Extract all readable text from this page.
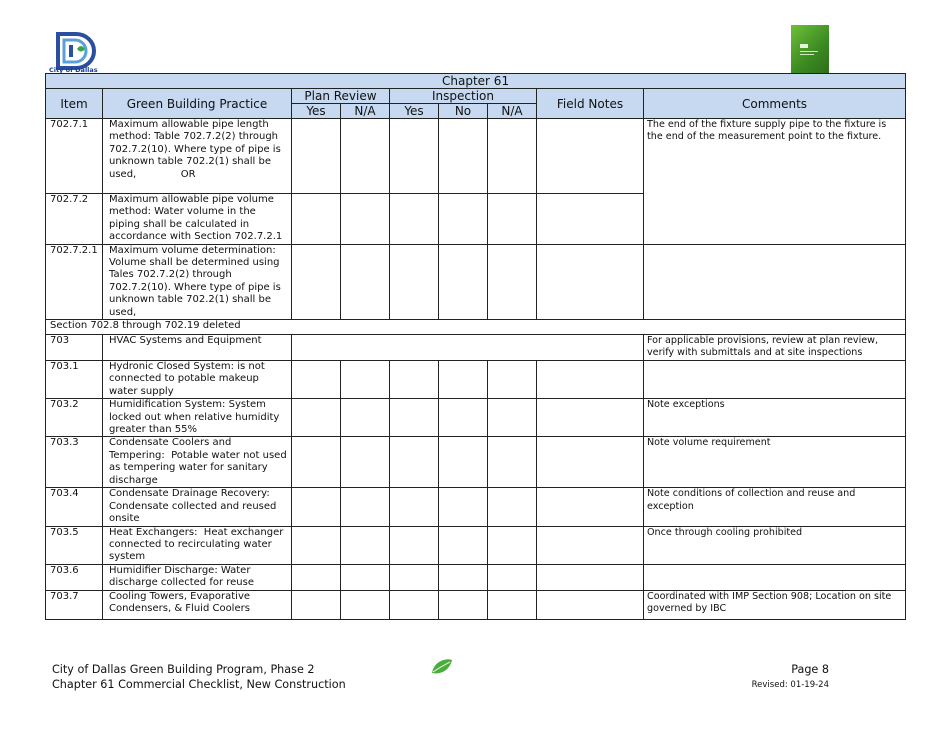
City of Dallas
Chapter 61								
Item	Green Building Practice	Plan Review		Inspection			Field Notes	Comments
		Yes	N/A	Yes	No	N/A		
702.7.1	Maximum allowable pipe length method: Table 702.7.2(2) through 702.7.2(10). Where type of pipe is unknown table 702.2(1) shall be used,              OR							The end of the fixture supply pipe to the fixture is the end of the measurement point to the fixture.
702.7.2	Maximum allowable pipe volume method: Water volume in the piping shall be calculated in accordance with Section 702.7.2.1							
702.7.2.1	Maximum volume determination: Volume shall be determined using Tales 702.7.2(2) through 702.7.2(10). Where type of pipe is unknown table 702.2(1) shall be used,							
Section 702.8 through 702.19 deleted								
703	HVAC Systems and Equipment							For applicable provisions, review at plan review, verify with submittals and at site inspections
703.1	Hydronic Closed System: is not connected to potable makeup water supply							
703.2	Humidification System: System locked out when relative humidity greater than 55%							Note exceptions
703.3	Condensate Coolers and Tempering:  Potable water not used as tempering water for sanitary discharge							Note volume requirement
703.4	Condensate Drainage Recovery: Condensate collected and reused onsite							Note conditions of collection and reuse and exception
703.5	Heat Exchangers:  Heat exchanger connected to recirculating water system							Once through cooling prohibited
703.6	Humidifier Discharge: Water discharge collected for reuse							
703.7	Cooling Towers, Evaporative Condensers, & Fluid Coolers							Coordinated with IMP Section 908; Location on site governed by IBC
City of Dallas Green Building Program, Phase 2
Chapter 61 Commercial Checklist, New Construction
Page 8
Revised: 01-19-24
